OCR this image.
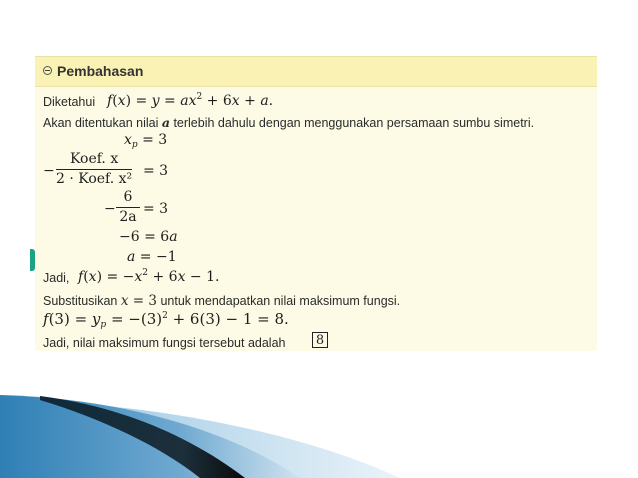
Pembahasan
Diketahui $f(x) = y = ax^2 + 6x + a$.
Akan ditentukan nilai a terlebih dahulu dengan menggunakan persamaan sumbu simetri.
$x_p = 3$
−
Koef. x
2 · Koef. x² = 3
− $\frac{6}{2a} = 3$
−6 = 6a
a = −1
Jadi, $f(x) = -x^2 + 6x - 1$.
Substitusikan x = 3 untuk mendapatkan nilai maksimum fungsi.
$f(3) = y_p = -(3)^2 + 6(3) - 1 = 8$.
Jadi, nilai maksimum fungsi tersebut adalah 8
